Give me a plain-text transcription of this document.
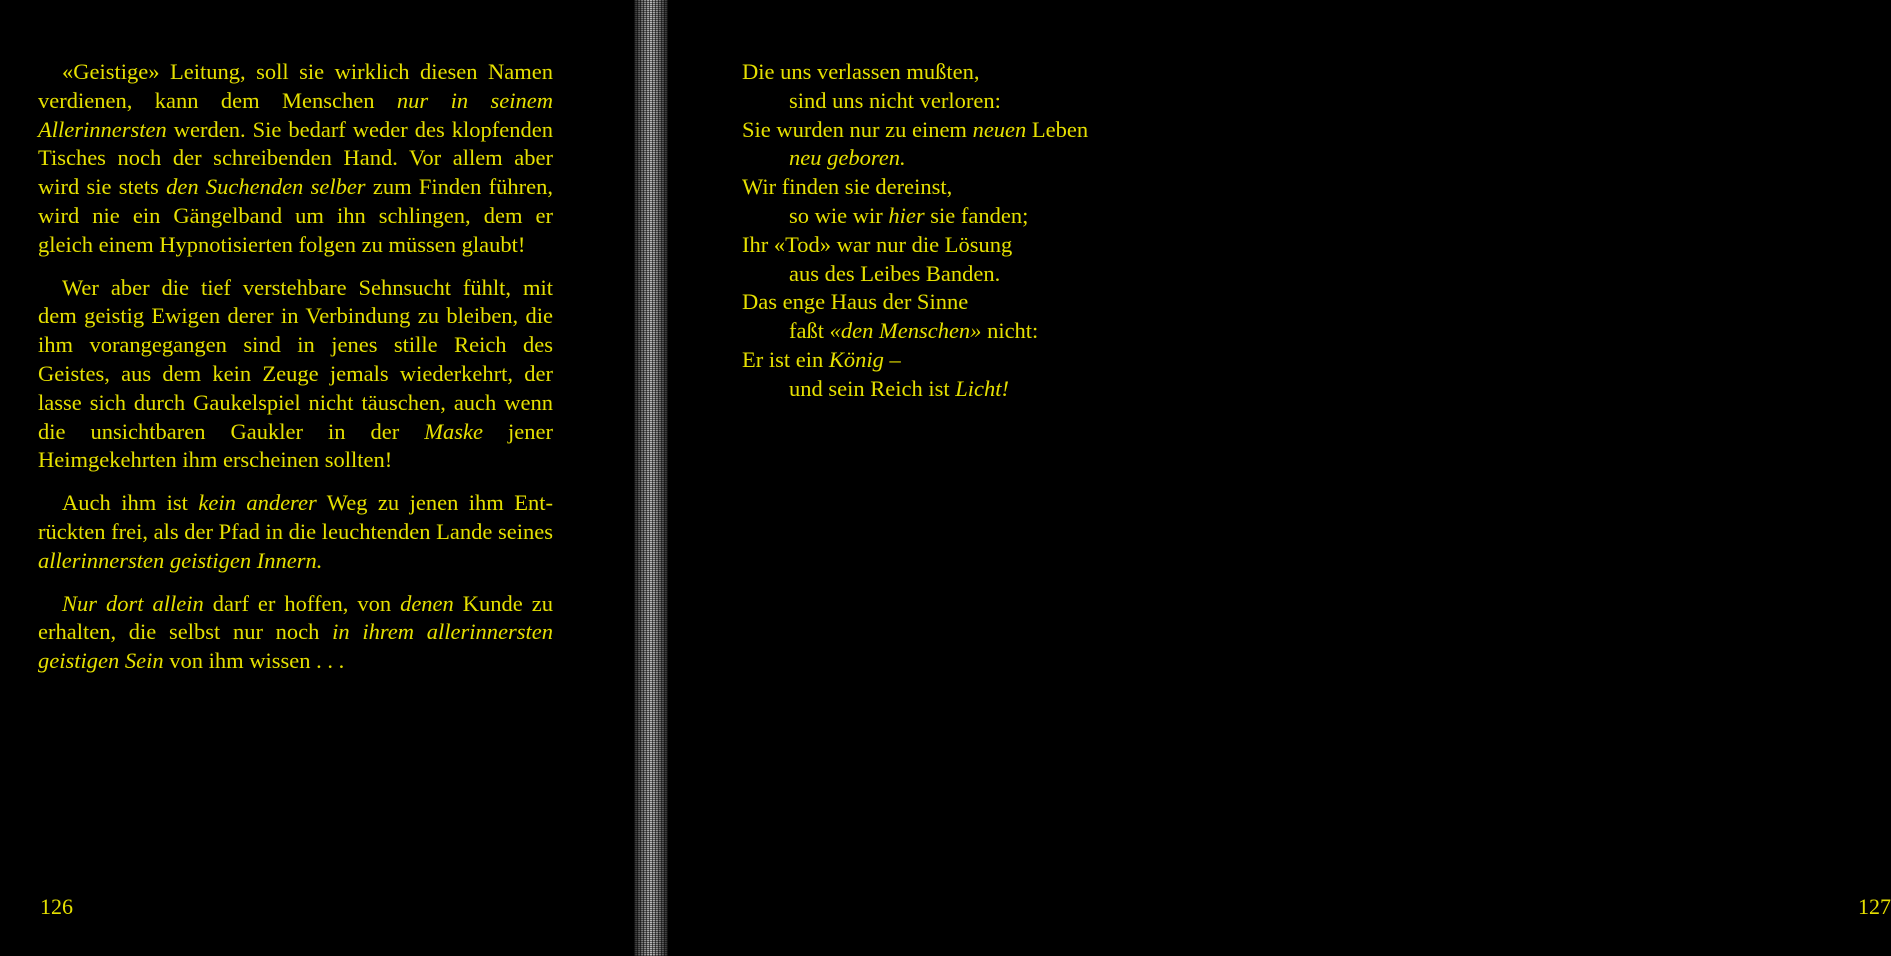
«Geistige» Leitung, soll sie wirklich diesen Namen verdienen, kann dem Menschen nur in seinem Allerinnersten werden. Sie bedarf weder des klopfenden Tisches noch der schreibenden Hand. Vor allem aber wird sie stets den Suchenden selber zum Finden führen, wird nie ein Gängelband um ihn schlingen, dem er gleich einem Hypnotisierten folgen zu müssen glaubt!

Wer aber die tief verstehbare Sehnsucht fühlt, mit dem geistig Ewigen derer in Verbindung zu bleiben, die ihm vorangegangen sind in jenes stille Reich des Geistes, aus dem kein Zeuge jemals wiederkehrt, der lasse sich durch Gaukelspiel nicht täuschen, auch wenn die unsichtbaren Gaukler in der Maske jener Heimgekehrten ihm erscheinen sollten!

Auch ihm ist kein anderer Weg zu jenen ihm Entrückten frei, als der Pfad in die leuchtenden Lande seines allerinnersten geistigen Innern.

Nur dort allein darf er hoffen, von denen Kunde zu erhalten, die selbst nur noch in ihrem allerinnersten geistigen Sein von ihm wissen . . .

126	127
Die uns verlassen mußten,
sind uns nicht verloren:
Sie wurden nur zu einem neuen Leben
neu geboren.
Wir finden sie dereinst,
so wie wir hier sie fanden;
Ihr «Tod» war nur die Lösung
aus des Leibes Banden.
Das enge Haus der Sinne
faßt «den Menschen» nicht:
Er ist ein König –
und sein Reich ist Licht!
